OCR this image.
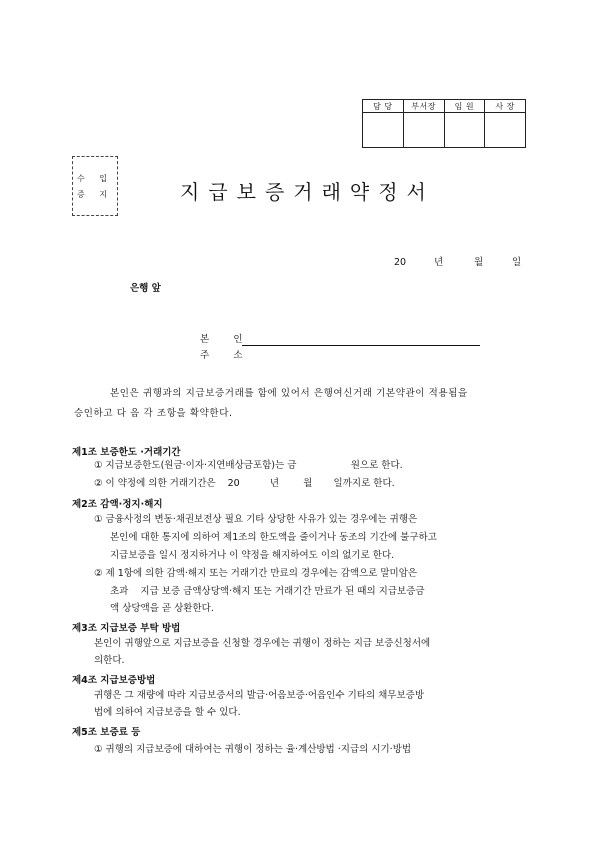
담 당	부서장	임 원	사 장

수 입
증 지	지급보증거래약정서
20	년	월	일
은행 앞
본        인
주        소
본인은 귀행과의 지급보증거래를 함에 있어서 은행여신거래 기본약관이 적용됨을
승인하고 다 음 각 조항을 확약한다.
제1조 보증한도 ·거래기간
① 지급보증한도(원금·이자·지연배상금포함)는 금                  원으로 한다.
② 이 약정에 의한 거래기간은    20          년        월       일까지로 한다.
제2조 감액·정지·해지
① 금융사정의 변동·채권보전상 필요 기타 상당한 사유가 있는 경우에는 귀행은
본인에 대한 통지에 의하여 제1조의 한도액을 줄이거나 동조의 기간에 불구하고
지급보증을 일시 정지하거나 이 약정을 해지하여도 이의 없기로 한다.
② 제 1항에 의한 감액·해지 또는 거래기간 만료의 경우에는 감액으로 말미암은
초과    지급 보증 금액상당액·해지 또는 거래기간 만료가 된 때의 지급보증금
액 상당액을 곧 상환한다.
제3조 지급보증 부탁 방법
본인이 귀행앞으로 지급보증을 신청할 경우에는 귀행이 정하는 지급 보증신청서에
의한다.
제4조 지급보증방법
귀행은 그 재량에 따라 지급보증서의 발급·어음보증·어음인수 기타의 채무보증방
법에 의하여 지급보증을 할 수 있다.
제5조 보증료 등
① 귀행의 지급보증에 대하여는 귀행이 정하는 율·계산방법 ·지급의 시기·방법
